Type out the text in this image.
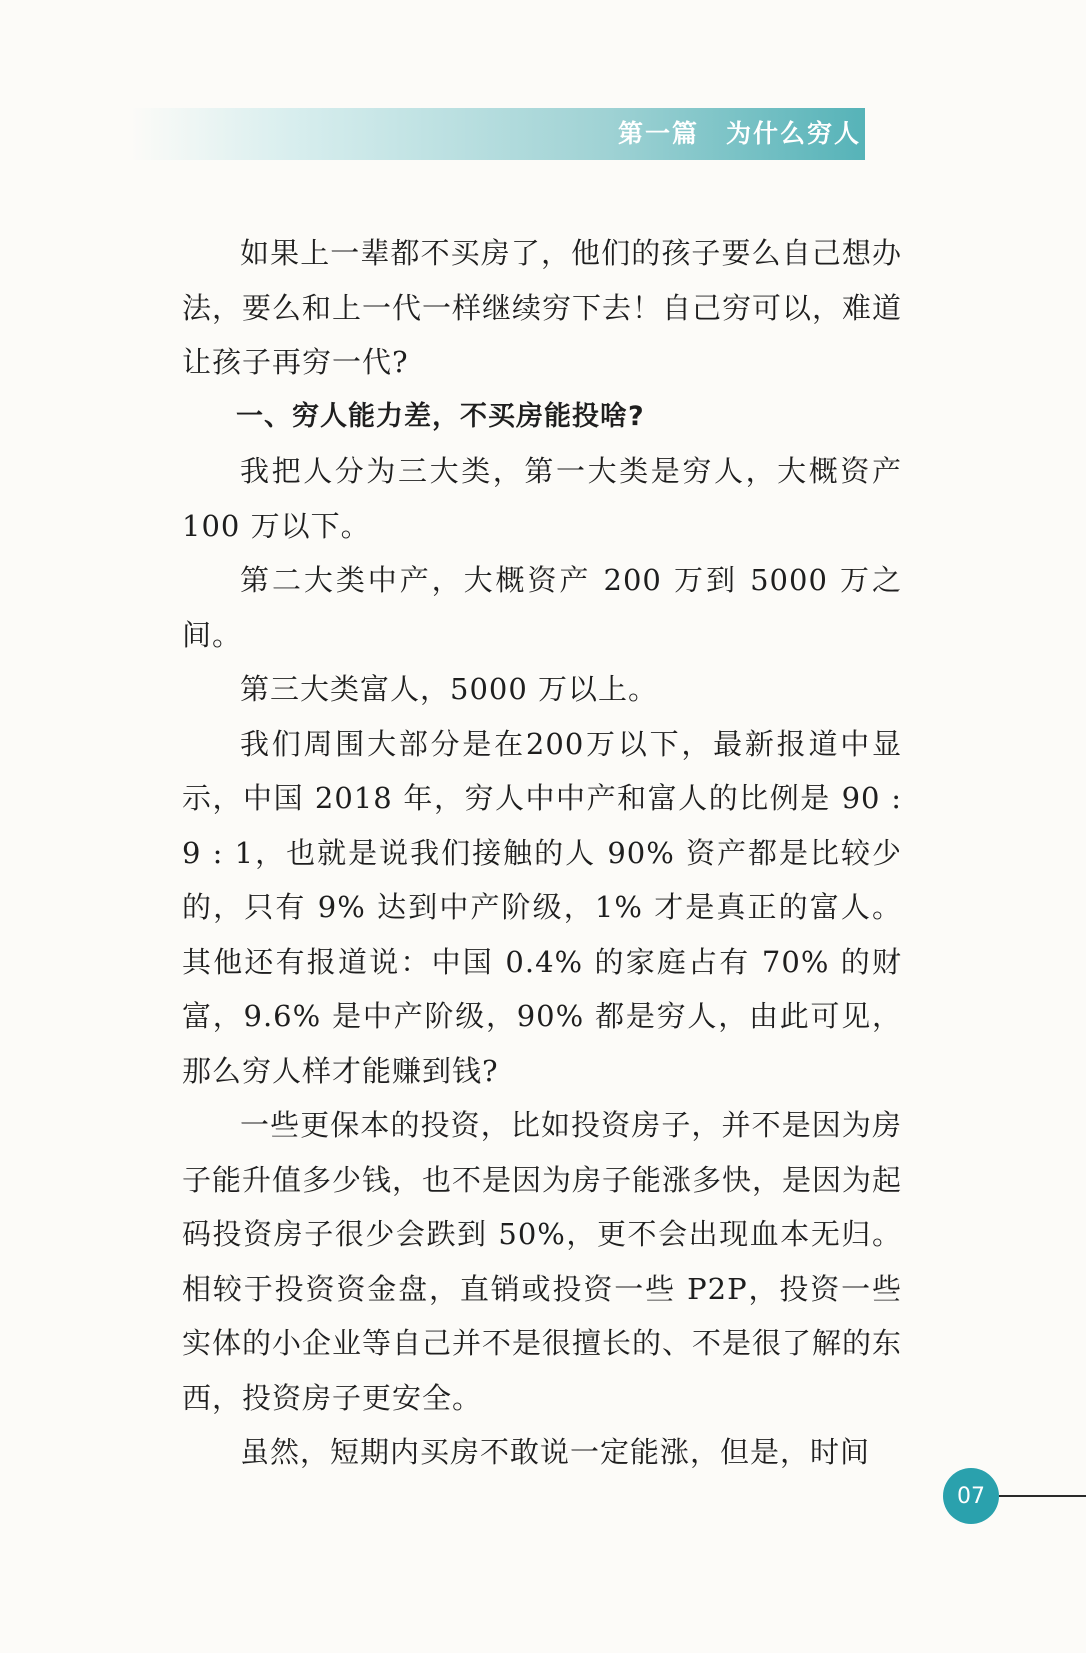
第一篇　为什么穷人

如果上一辈都不买房了，他们的孩子要么自己想办法，要么和上一代一样继续穷下去！自己穷可以，难道让孩子再穷一代?

一、穷人能力差，不买房能投啥?

我把人分为三大类，第一大类是穷人，大概资产100 万以下。

第二大类中产，大概资产 200 万到 5000 万之间。

第三大类富人，5000 万以上。

我们周围大部分是在200万以下，最新报道中显示，中国 2018 年，穷人中中产和富人的比例是 90 : 9 : 1，也就是说我们接触的人 90% 资产都是比较少的，只有 9% 达到中产阶级，1% 才是真正的富人。其他还有报道说：中国 0.4% 的家庭占有 70% 的财富，9.6% 是中产阶级，90% 都是穷人，由此可见，那么穷人样才能赚到钱?

一些更保本的投资，比如投资房子，并不是因为房子能升值多少钱，也不是因为房子能涨多快，是因为起码投资房子很少会跌到 50%，更不会出现血本无归。相较于投资资金盘，直销或投资一些 P2P，投资一些实体的小企业等自己并不是很擅长的、不是很了解的东西，投资房子更安全。

虽然，短期内买房不敢说一定能涨，但是，时间

07
